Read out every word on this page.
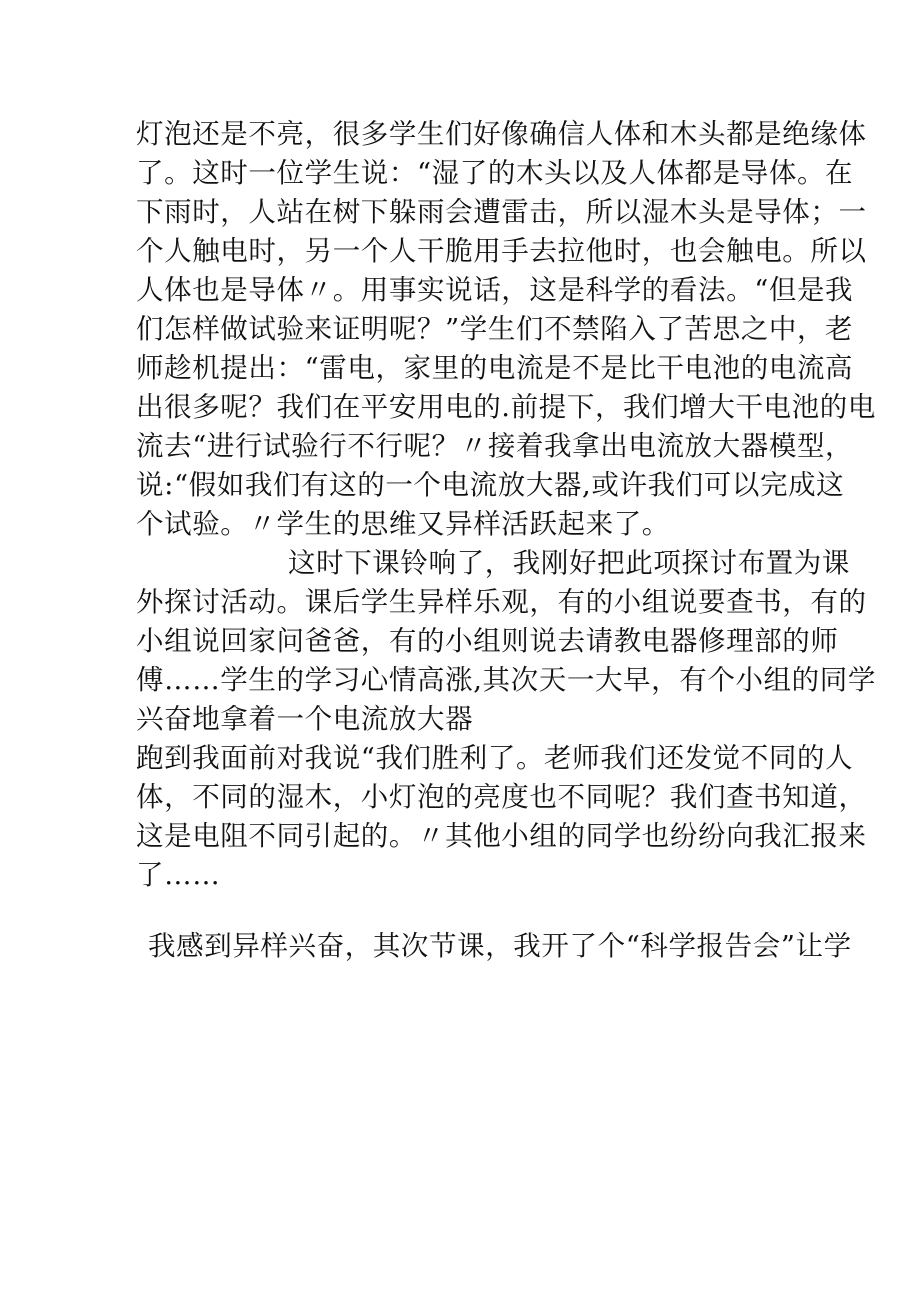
灯泡还是不亮，很多学生们好像确信人体和木头都是绝缘体
了。这时一位学生说：“湿了的木头以及人体都是导体。在
下雨时，人站在树下躲雨会遭雷击，所以湿木头是导体；一
个人触电时，另一个人干脆用手去拉他时，也会触电。所以
人体也是导体〃。用事实说话，这是科学的看法。“但是我
们怎样做试验来证明呢？”学生们不禁陷入了苦思之中，老
师趁机提出：“雷电，家里的电流是不是比干电池的电流高
出很多呢？我们在平安用电的.前提下，我们增大干电池的电
流去“进行试验行不行呢？〃接着我拿出电流放大器模型，
说:“假如我们有这的一个电流放大器,或许我们可以完成这
个试验。〃学生的思维又异样活跃起来了。
这时下课铃响了，我刚好把此项探讨布置为课
外探讨活动。课后学生异样乐观，有的小组说要查书，有的
小组说回家问爸爸，有的小组则说去请教电器修理部的师
傅……学生的学习心情高涨,其次天一大早，有个小组的同学
兴奋地拿着一个电流放大器
跑到我面前对我说“我们胜利了。老师我们还发觉不同的人
体，不同的湿木，小灯泡的亮度也不同呢？我们查书知道，
这是电阻不同引起的。〃其他小组的同学也纷纷向我汇报来
了……
我感到异样兴奋，其次节课，我开了个“科学报告会”让学
